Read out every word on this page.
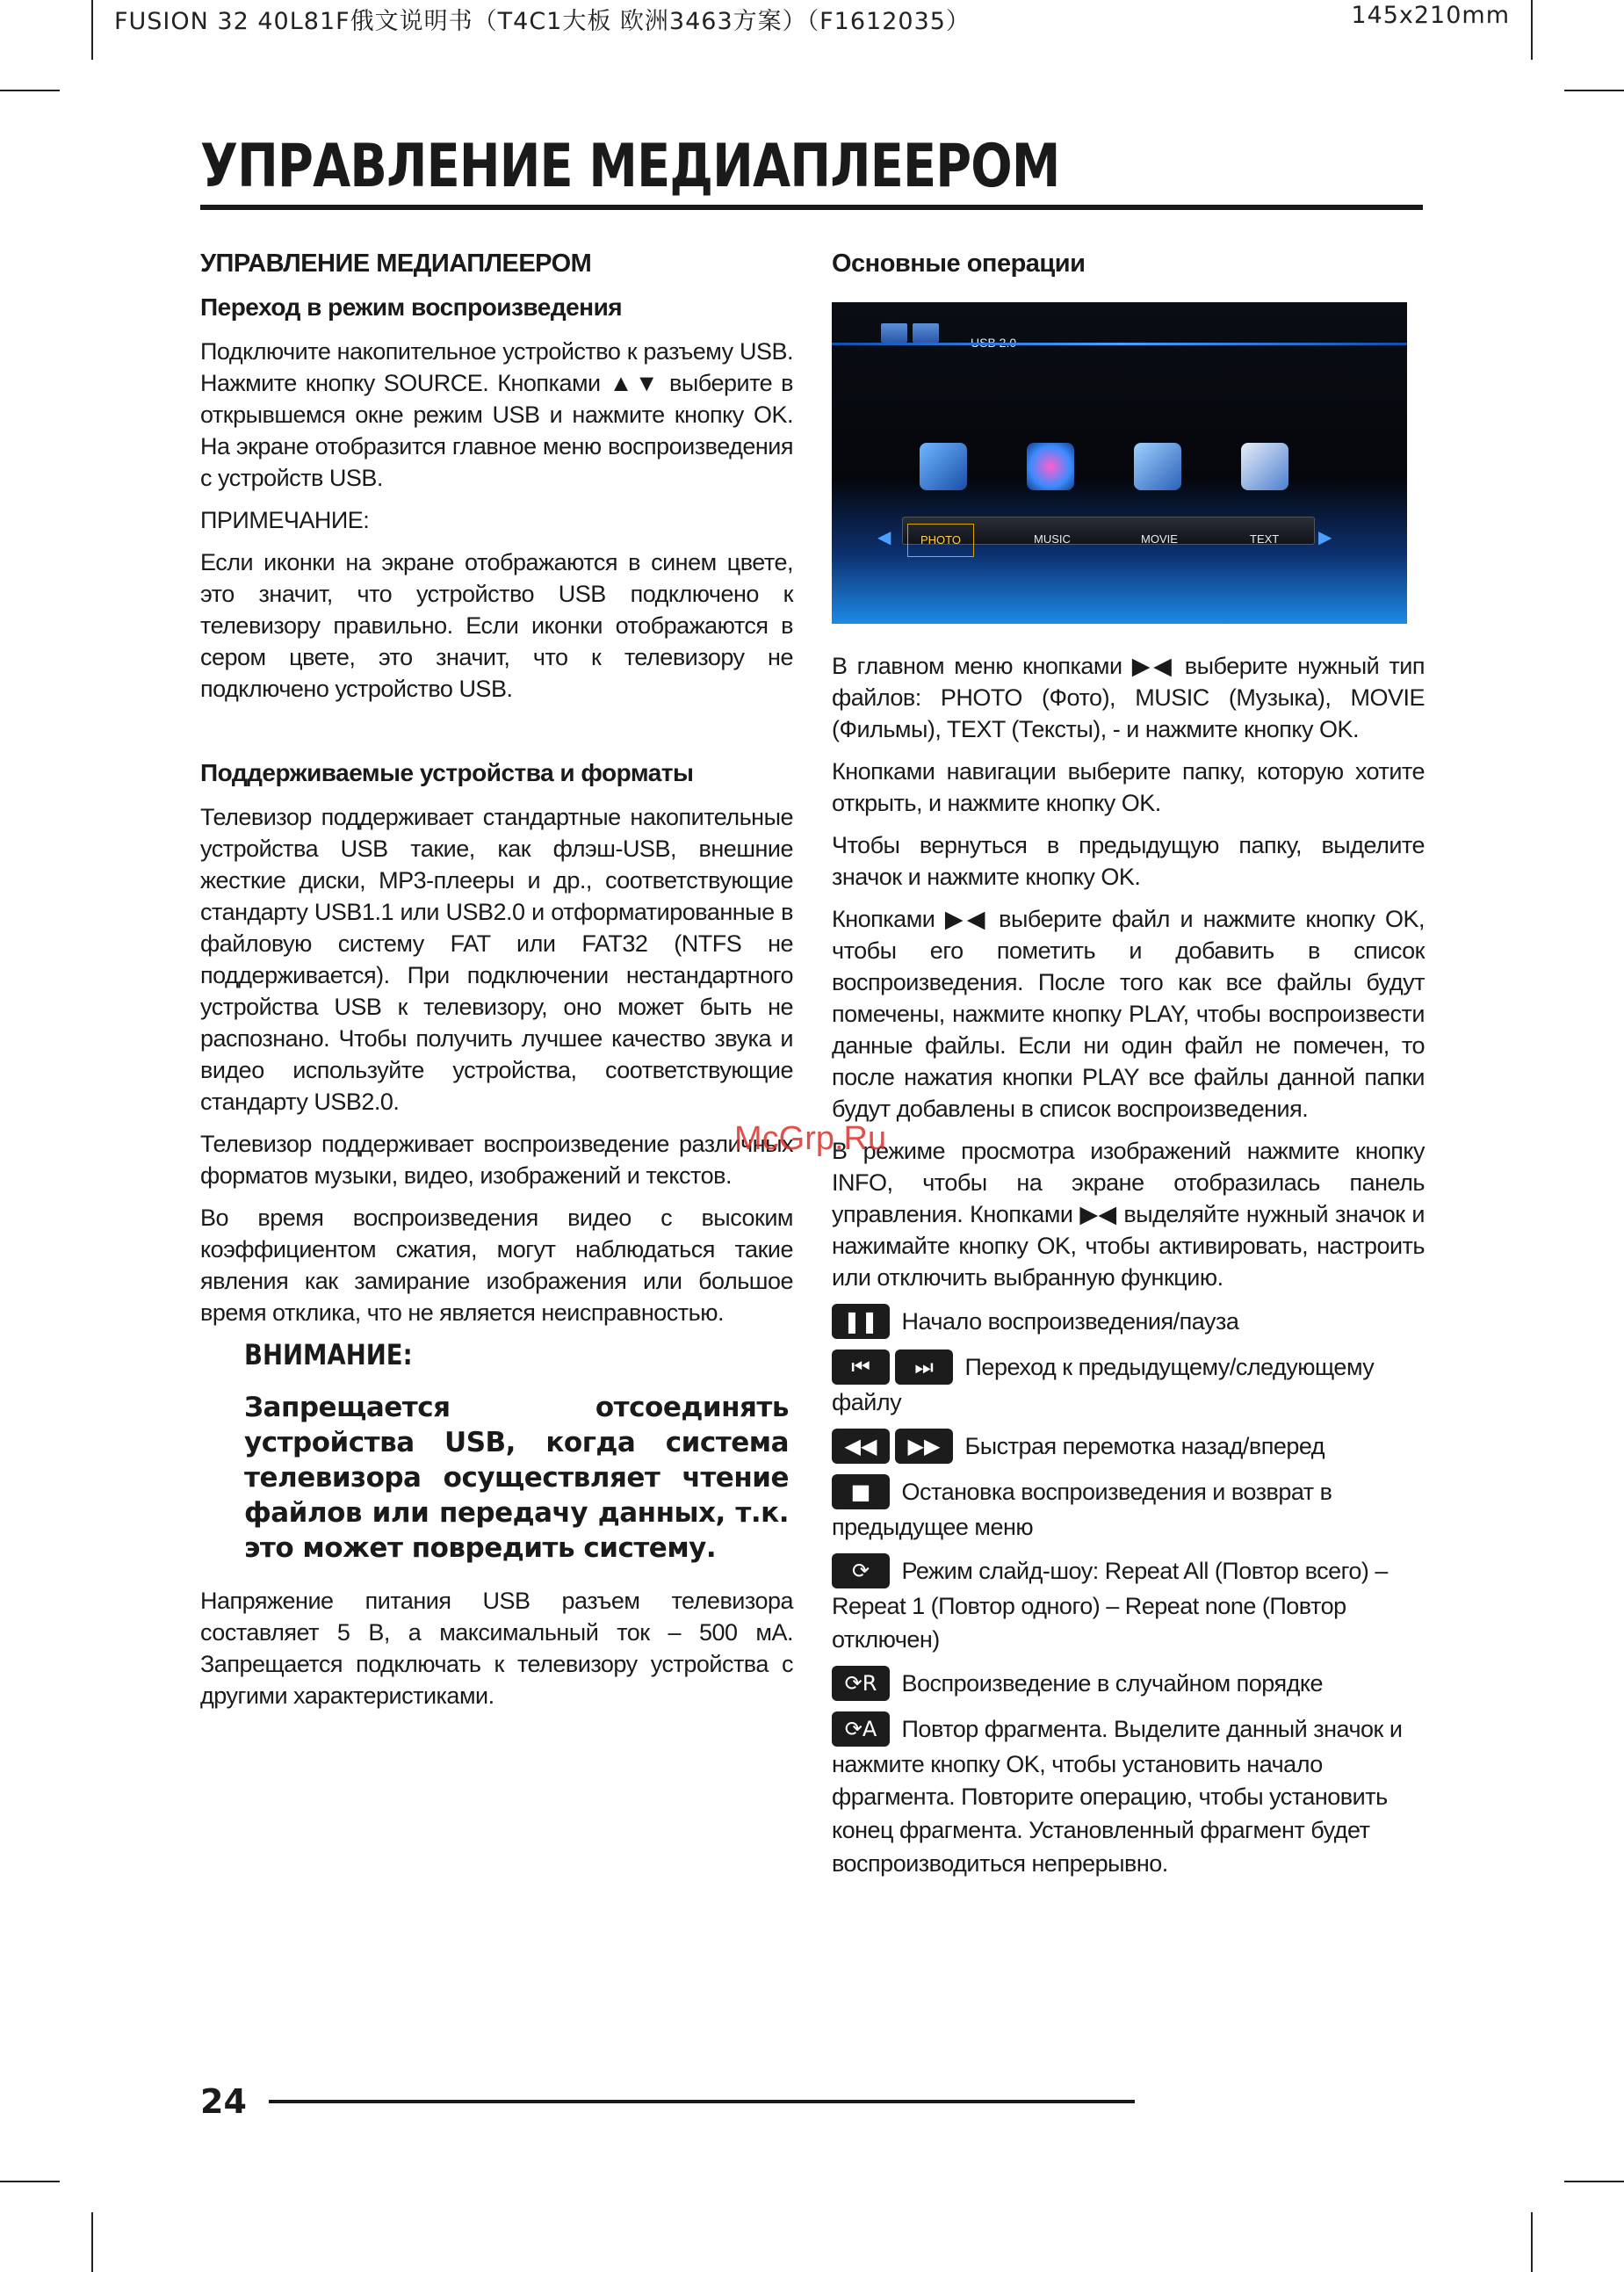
FUSION 32 40L81F俄文说明书（T4C1大板 欧洲3463方案）（F1612035）	145x210mm
УПРАВЛЕНИЕ МЕДИАПЛЕЕРОМ
УПРАВЛЕНИЕ МЕДИАПЛЕЕРОМ
Переход в режим воспроизведения

Подключите накопительное устройство к разъему USB. Нажмите кнопку SOURCE. Кнопками ▲▼ выберите в открывшемся окне режим USB и нажмите кнопку OK. На экране отобразится главное меню воспроизведения с устройств USB.

ПРИМЕЧАНИЕ:

Если иконки на экране отображаются в синем цвете, это значит, что устройство USB подключено к телевизору правильно. Если иконки отображаются в сером цвете, это значит, что к телевизору не подключено устройство USB.

Поддерживаемые устройства и форматы

Телевизор поддерживает стандартные накопительные устройства USB такие, как флэш-USB, внешние жесткие диски, MP3-плееры и др., соответствующие стандарту USB1.1 или USB2.0 и отформатированные в файловую систему FAT или FAT32 (NTFS не поддерживается). При подключении нестандартного устройства USB к телевизору, оно может быть не распознано. Чтобы получить лучшее качество звука и видео используйте устройства, соответствующие стандарту USB2.0.

Телевизор поддерживает воспроизведение различных форматов музыки, видео, изображений и текстов.

Во время воспроизведения видео с высоким коэффициентом сжатия, могут наблюдаться такие явления как замирание изображения или большое время отклика, что не является неисправностью.

ВНИМАНИЕ:
Запрещается отсоединять устройства USB, когда система телевизора осуществляет чтение файлов или передачу данных, т.к. это может повредить систему.

Напряжение питания USB разъем телевизора составляет 5 В, а максимальный ток – 500 мА. Запрещается подключать к телевизору устройства с другими характеристиками.

Основные операции
◀	▶
PHOTO	MUSIC	MOVIE	TEXT

В главном меню кнопками ▶◀ выберите нужный тип файлов: PHOTO (Фото), MUSIC (Музыка), MOVIE (Фильмы), TEXT (Тексты), - и нажмите кнопку OK.

Кнопками навигации выберите папку, которую хотите открыть, и нажмите кнопку OK.

Чтобы вернуться в предыдущую папку, выделите значок и нажмите кнопку OK.

Кнопками ▶◀ выберите файл и нажмите кнопку OK, чтобы его пометить и добавить в список воспроизведения. После того как все файлы будут помечены, нажмите кнопку PLAY, чтобы воспроизвести данные файлы. Если ни один файл не помечен, то после нажатия кнопки PLAY все файлы данной папки будут добавлены в список воспроизведения.

В режиме просмотра изображений нажмите кнопку INFO, чтобы на экране отобразилась панель управления. Кнопками ▶◀ выделяйте нужный значок и нажимайте кнопку OK, чтобы активировать, настроить или отключить выбранную функцию.

❚❚ Начало воспроизведения/пауза
⏮ ⏭ Переход к предыдущему/следующему файлу
◀◀ ▶▶ Быстрая перемотка назад/вперед
■ Остановка воспроизведения и возврат в предыдущее меню
⟳ Режим слайд-шоу: Repeat All (Повтор всего) – Repeat 1 (Повтор одного) – Repeat none (Повтор отключен)
⟳R Воспроизведение в случайном порядке
⟳A Повтор фрагмента. Выделите данный значок и нажмите кнопку OK, чтобы установить начало фрагмента. Повторите операцию, чтобы установить конец фрагмента. Установленный фрагмент будет воспроизводиться непрерывно.
McGrp.Ru
24
